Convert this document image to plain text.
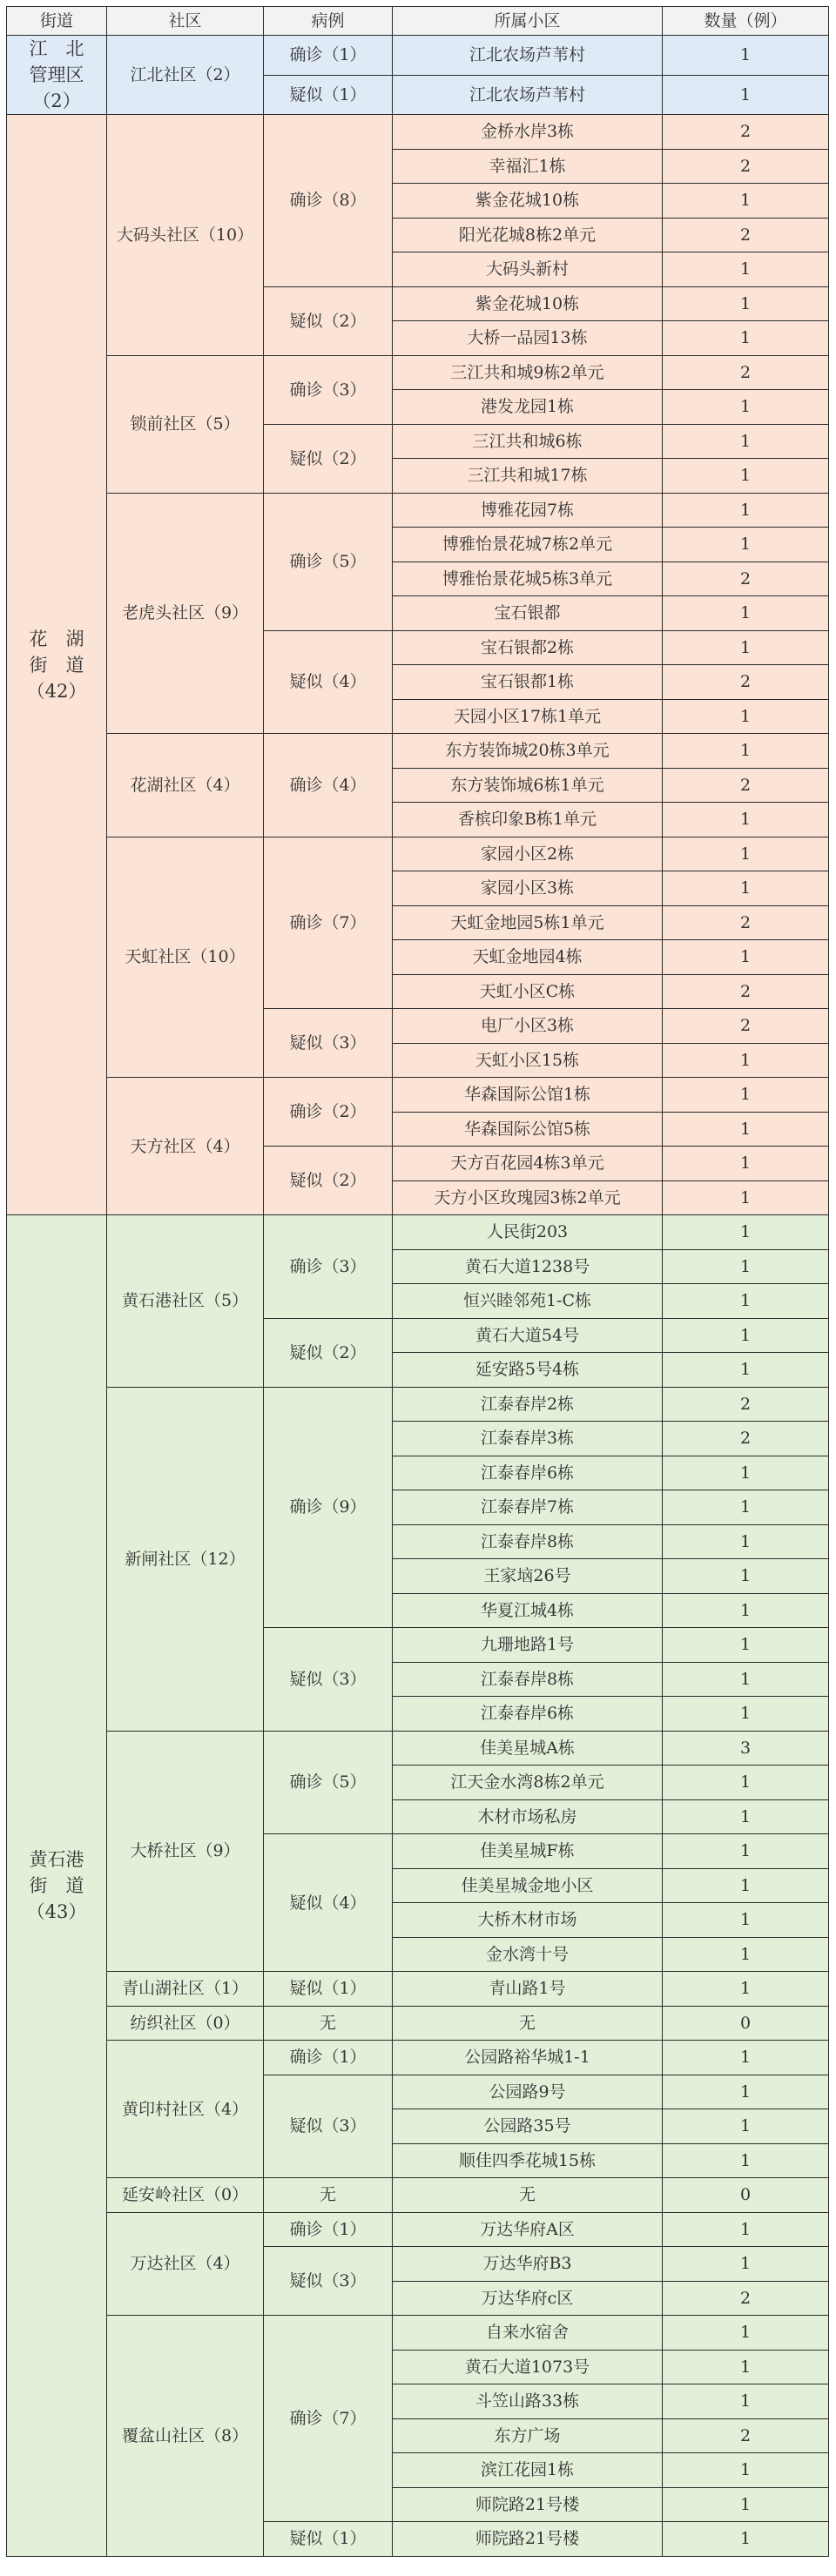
街道	社区	病例	所属小区	数量（例）

江　北
管理区
（2）	江北社区（2）	确诊（1）	江北农场芦苇村	1
		疑似（1）	江北农场芦苇村	1

花　湖
街　道
（42）	大码头社区（10）	确诊（8）	金桥水岸3栋	2
			幸福汇1栋	2
			紫金花城10栋	1
			阳光花城8栋2单元	2
			大码头新村	1
		疑似（2）	紫金花城10栋	1
			大桥一品园13栋	1
	锁前社区（5）	确诊（3）	三江共和城9栋2单元	2
			港发龙园1栋	1
		疑似（2）	三江共和城6栋	1
			三江共和城17栋	1
	老虎头社区（9）	确诊（5）	博雅花园7栋	1
			博雅怡景花城7栋2单元	1
			博雅怡景花城5栋3单元	2
			宝石银都	1
		疑似（4）	宝石银都2栋	1
			宝石银都1栋	2
			天园小区17栋1单元	1
	花湖社区（4）	确诊（4）	东方装饰城20栋3单元	1
			东方装饰城6栋1单元	2
			香槟印象B栋1单元	1
	天虹社区（10）	确诊（7）	家园小区2栋	1
			家园小区3栋	1
			天虹金地园5栋1单元	2
			天虹金地园4栋	1
			天虹小区C栋	2
		疑似（3）	电厂小区3栋	2
			天虹小区15栋	1
	天方社区（4）	确诊（2）	华森国际公馆1栋	1
			华森国际公馆5栋	1
		疑似（2）	天方百花园4栋3单元	1
			天方小区玫瑰园3栋2单元	1

黄石港
街　道
（43）	黄石港社区（5）	确诊（3）	人民街203	1
			黄石大道1238号	1
			恒兴睦邻苑1-C栋	1
		疑似（2）	黄石大道54号	1
			延安路5号4栋	1
	新闸社区（12）	确诊（9）	江泰春岸2栋	2
			江泰春岸3栋	2
			江泰春岸6栋	1
			江泰春岸7栋	1
			江泰春岸8栋	1
			王家垴26号	1
			华夏江城4栋	1
		疑似（3）	九珊地路1号	1
			江泰春岸8栋	1
			江泰春岸6栋	1
	大桥社区（9）	确诊（5）	佳美星城A栋	3
			江天金水湾8栋2单元	1
			木材市场私房	1
		疑似（4）	佳美星城F栋	1
			佳美星城金地小区	1
			大桥木材市场	1
			金水湾十号	1
	青山湖社区（1）	疑似（1）	青山路1号	1
	纺织社区（0）	无	无	0
	黄印村社区（4）	确诊（1）	公园路裕华城1-1	1
		疑似（3）	公园路9号	1
			公园路35号	1
			顺佳四季花城15栋	1
	延安岭社区（0）	无	无	0
	万达社区（4）	确诊（1）	万达华府A区	1
		疑似（3）	万达华府B3	1
			万达华府c区	2
	覆盆山社区（8）	确诊（7）	自来水宿舍	1
			黄石大道1073号	1
			斗笠山路33栋	1
			东方广场	2
			滨江花园1栋	1
			师院路21号楼	1
		疑似（1）	师院路21号楼	1
